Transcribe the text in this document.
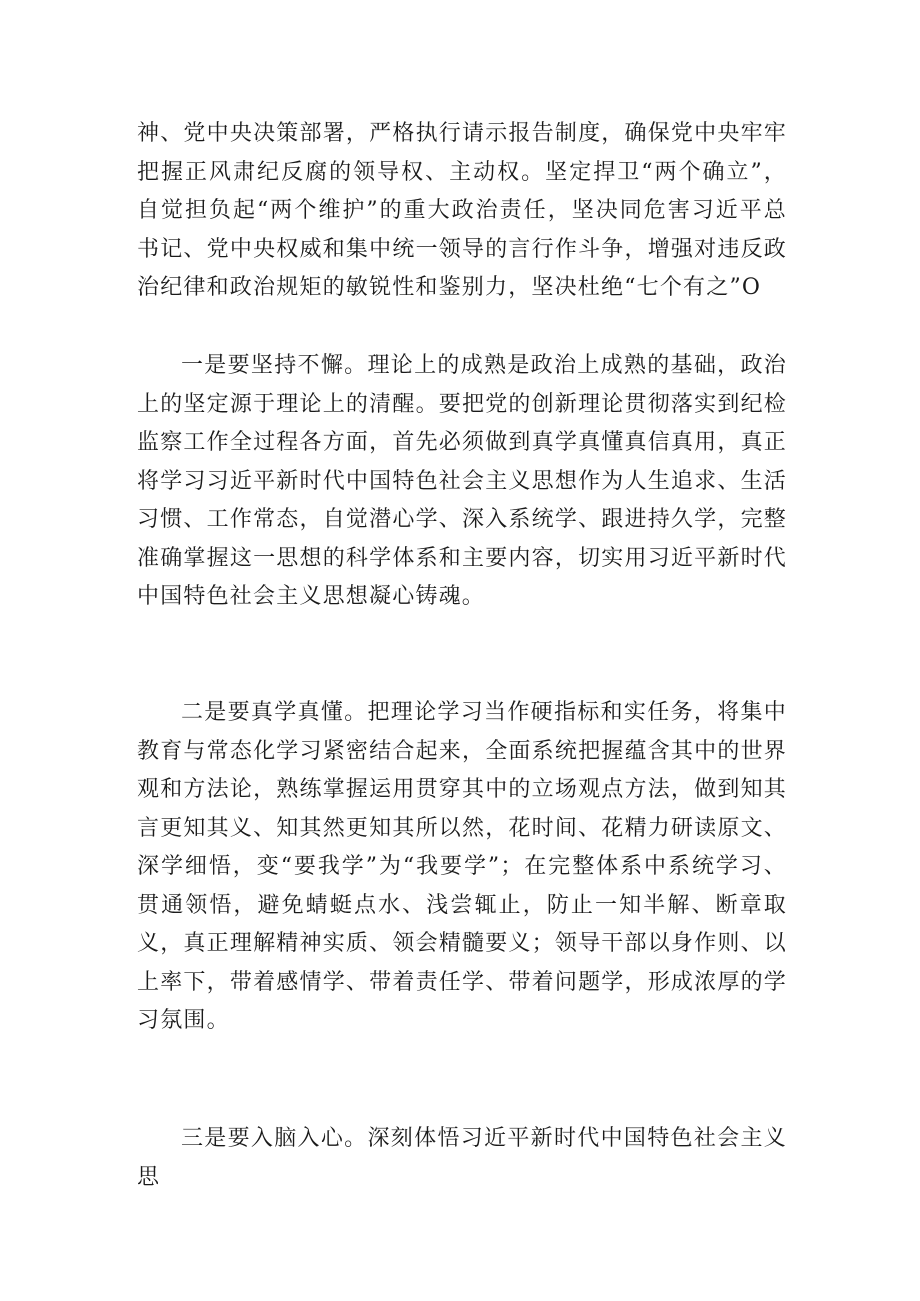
神、党中央决策部署，严格执行请示报告制度，确保党中央牢牢把握正风肃纪反腐的领导权、主动权。坚定捍卫“两个确立”，自觉担负起“两个维护”的重大政治责任，坚决同危害习近平总书记、党中央权威和集中统一领导的言行作斗争，增强对违反政治纪律和政治规矩的敏锐性和鉴别力，坚决杜绝“七个有之”O

一是要坚持不懈。理论上的成熟是政治上成熟的基础，政治上的坚定源于理论上的清醒。要把党的创新理论贯彻落实到纪检监察工作全过程各方面，首先必须做到真学真懂真信真用，真正将学习习近平新时代中国特色社会主义思想作为人生追求、生活习惯、工作常态，自觉潜心学、深入系统学、跟进持久学，完整准确掌握这一思想的科学体系和主要内容，切实用习近平新时代中国特色社会主义思想凝心铸魂。

二是要真学真懂。把理论学习当作硬指标和实任务，将集中教育与常态化学习紧密结合起来，全面系统把握蕴含其中的世界观和方法论，熟练掌握运用贯穿其中的立场观点方法，做到知其言更知其义、知其然更知其所以然，花时间、花精力研读原文、深学细悟，变“要我学”为“我要学”；在完整体系中系统学习、贯通领悟，避免蜻蜓点水、浅尝辄止，防止一知半解、断章取义，真正理解精神实质、领会精髓要义；领导干部以身作则、以上率下，带着感情学、带着责任学、带着问题学，形成浓厚的学习氛围。

三是要入脑入心。深刻体悟习近平新时代中国特色社会主义思
